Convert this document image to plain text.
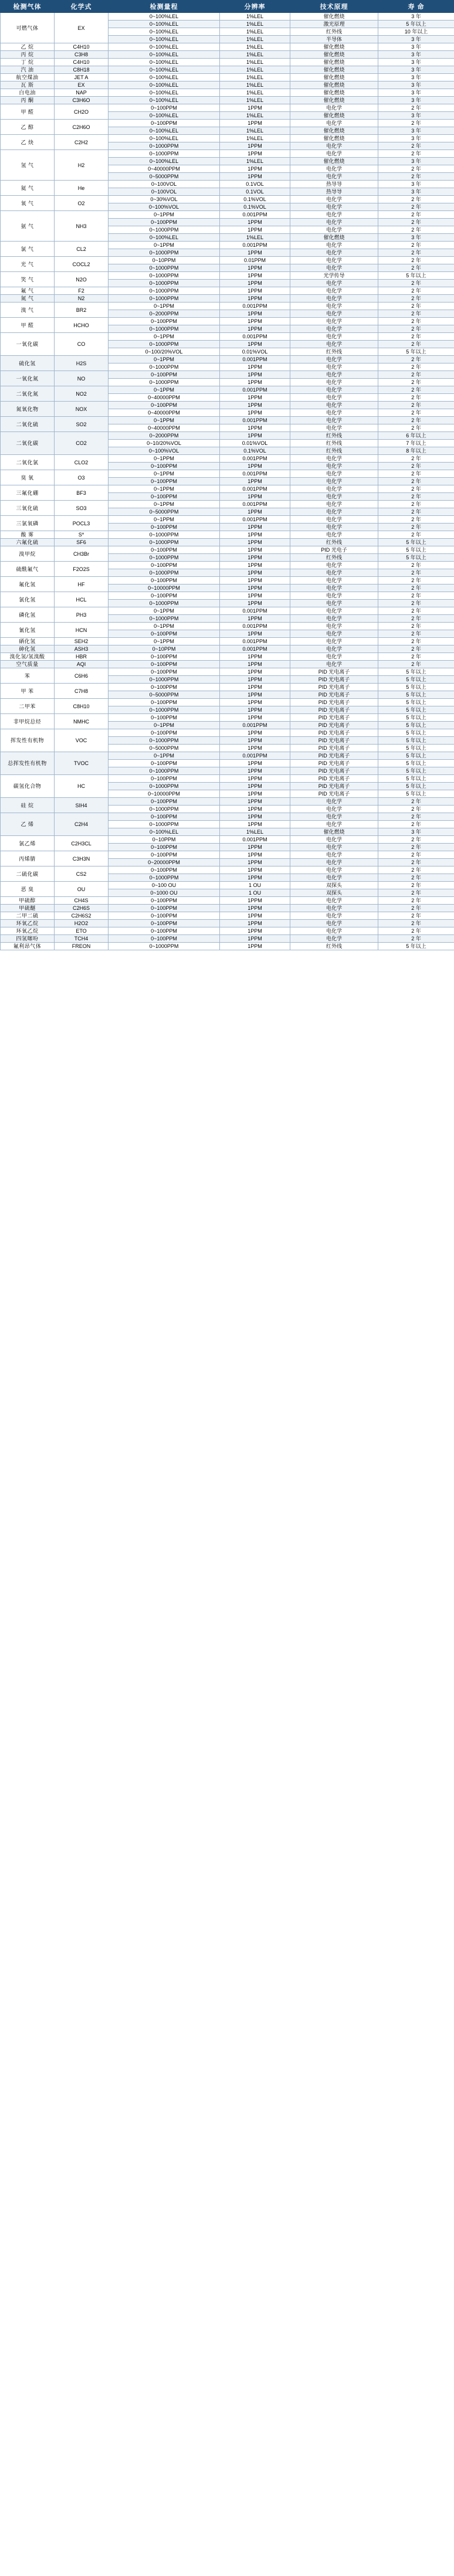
检测气体	化学式	检测量程	分辨率	技术原理	寿 命
可燃气体	EX	0~100%LEL	1%LEL	催化燃烧	3 年
		0~100%LEL	1%LEL	激光原理	5 年以上
		0~100%LEL	1%LEL	红外线	10 年以上
		0~100%LEL	1%LEL	半导体	3 年
乙 烷	C4H10	0~100%LEL	1%LEL	催化燃烧	3 年
丙 烷	C3H8	0~100%LEL	1%LEL	催化燃烧	3 年
丁 烷	C4H10	0~100%LEL	1%LEL	催化燃烧	3 年
汽 油	C8H18	0~100%LEL	1%LEL	催化燃烧	3 年
航空煤油	JET A	0~100%LEL	1%LEL	催化燃烧	3 年
瓦 斯	EX	0~100%LEL	1%LEL	催化燃烧	3 年
白电油	NAP	0~100%LEL	1%LEL	催化燃烧	3 年
丙 酮	C3H6O	0~100%LEL	1%LEL	催化燃烧	3 年
甲 醛	CH2O	0~100PPM	1PPM	电化学	2 年
		0~100%LEL	1%LEL	催化燃烧	3 年
乙 醇	C2H6O	0~100PPM	1PPM	电化学	2 年
		0~100%LEL	1%LEL	催化燃烧	3 年
乙 炔	C2H2	0~100%LEL	1%LEL	催化燃烧	3 年
		0~1000PPM	1PPM	电化学	2 年
氢 气	H2	0~1000PPM	1PPM	电化学	2 年
		0~100%LEL	1%LEL	催化燃烧	3 年
		0~40000PPM	1PPM	电化学	2 年
		0~5000PPM	1PPM	电化学	2 年
氦 气	He	0~100VOL	0.1VOL	热导导	3 年
		0~100VOL	0.1VOL	热导导	3 年
氧 气	O2	0~30%VOL	0.1%VOL	电化学	2 年
		0~100%VOL	0.1%VOL	电化学	2 年
氨 气	NH3	0~1PPM	0.001PPM	电化学	2 年
		0~100PPM	1PPM	电化学	2 年
		0~1000PPM	1PPM	电化学	2 年
		0~100%LEL	1%LEL	催化燃烧	3 年
氯 气	CL2	0~1PPM	0.001PPM	电化学	2 年
		0~1000PPM	1PPM	电化学	2 年
光 气	COCL2	0~10PPM	0.01PPM	电化学	2 年
		0~1000PPM	1PPM	电化学	2 年
笑 气	N2O	0~1000PPM	1PPM	光学传导	5 年以上
		0~1000PPM	1PPM	电化学	2 年
氟 气	F2	0~1000PPM	1PPM	电化学	2 年
氮 气	N2	0~1000PPM	1PPM	电化学	2 年
溴 气	BR2	0~1PPM	0.001PPM	电化学	2 年
		0~2000PPM	1PPM	电化学	2 年
甲 醛	HCHO	0~100PPM	1PPM	电化学	2 年
		0~1000PPM	1PPM	电化学	2 年
一氧化碳	CO	0~1PPM	0.001PPM	电化学	2 年
		0~1000PPM	1PPM	电化学	2 年
		0~100/20%VOL	0.01%VOL	红外线	5 年以上
硫化氢	H2S	0~1PPM	0.001PPM	电化学	2 年
		0~1000PPM	1PPM	电化学	2 年
一氧化氮	NO	0~100PPM	1PPM	电化学	2 年
		0~1000PPM	1PPM	电化学	2 年
二氧化氮	NO2	0~1PPM	0.001PPM	电化学	2 年
		0~40000PPM	1PPM	电化学	2 年
氮氧化物	NOX	0~100PPM	1PPM	电化学	2 年
		0~40000PPM	1PPM	电化学	2 年
二氧化硫	SO2	0~1PPM	0.001PPM	电化学	2 年
		0~40000PPM	1PPM	电化学	2 年
二氧化碳	CO2	0~2000PPM	1PPM	红外线	6 年以上
		0~10/20%VOL	0.01%VOL	红外线	7 年以上
		0~100%VOL	0.1%VOL	红外线	8 年以上
二氧化氯	CLO2	0~1PPM	0.001PPM	电化学	2 年
		0~100PPM	1PPM	电化学	2 年
臭 氧	O3	0~1PPM	0.001PPM	电化学	2 年
		0~100PPM	1PPM	电化学	2 年
三氟化硼	BF3	0~1PPM	0.001PPM	电化学	2 年
		0~100PPM	1PPM	电化学	2 年
三氧化硫	SO3	0~1PPM	0.001PPM	电化学	2 年
		0~5000PPM	1PPM	电化学	2 年
三氯氧磷	POCL3	0~1PPM	0.001PPM	电化学	2 年
		0~100PPM	1PPM	电化学	2 年
酸 雾	S*	0~1000PPM	1PPM	电化学	2 年
六氟化硫	SF6	0~1000PPM	1PPM	红外线	5 年以上
溴甲烷	CH3Br	0~100PPM	1PPM	PID 光电子	5 年以上
		0~1000PPM	1PPM	红外线	5 年以上
硫酰氟气	F2O2S	0~100PPM	1PPM	电化学	2 年
		0~1000PPM	1PPM	电化学	2 年
氟化氢	HF	0~100PPM	1PPM	电化学	2 年
		0~10000PPM	1PPM	电化学	2 年
氯化氢	HCL	0~100PPM	1PPM	电化学	2 年
		0~1000PPM	1PPM	电化学	2 年
磷化氢	PH3	0~1PPM	0.001PPM	电化学	2 年
		0~1000PPM	1PPM	电化学	2 年
氰化氢	HCN	0~1PPM	0.001PPM	电化学	2 年
		0~100PPM	1PPM	电化学	2 年
硒化氢	SEH2	0~1PPM	0.001PPM	电化学	2 年
砷化氢	ASH3	0~10PPM	0.001PPM	电化学	2 年
溴化氢/氢溴酸	HBR	0~100PPM	1PPM	电化学	2 年
空气质量	AQI	0~100PPM	1PPM	电化学	2 年
苯	C6H6	0~100PPM	1PPM	PID 光电离子	5 年以上
		0~1000PPM	1PPM	PID 光电离子	5 年以上
甲 苯	C7H8	0~100PPM	1PPM	PID 光电离子	5 年以上
		0~5000PPM	1PPM	PID 光电离子	5 年以上
二甲苯	C8H10	0~100PPM	1PPM	PID 光电离子	5 年以上
		0~1000PPM	1PPM	PID 光电离子	5 年以上
非甲烷总烃	NMHC	0~100PPM	1PPM	PID 光电离子	5 年以上
		0~1PPM	0.001PPM	PID 光电离子	5 年以上
挥发性有机物	VOC	0~100PPM	1PPM	PID 光电离子	5 年以上
		0~1000PPM	1PPM	PID 光电离子	5 年以上
		0~5000PPM	1PPM	PID 光电离子	5 年以上
总挥发性有机物	TVOC	0~1PPM	0.001PPM	PID 光电离子	5 年以上
		0~100PPM	1PPM	PID 光电离子	5 年以上
		0~1000PPM	1PPM	PID 光电离子	5 年以上
碳氢化合物	HC	0~100PPM	1PPM	PID 光电离子	5 年以上
		0~1000PPM	1PPM	PID 光电离子	5 年以上
		0~10000PPM	1PPM	PID 光电离子	5 年以上
硅 烷	SIH4	0~100PPM	1PPM	电化学	2 年
		0~1000PPM	1PPM	电化学	2 年
乙 烯	C2H4	0~100PPM	1PPM	电化学	2 年
		0~1000PPM	1PPM	电化学	2 年
		0~100%LEL	1%LEL	催化燃烧	3 年
氯乙烯	C2H3CL	0~10PPM	0.001PPM	电化学	2 年
		0~100PPM	1PPM	电化学	2 年
丙烯腈	C3H3N	0~100PPM	1PPM	电化学	2 年
		0~20000PPM	1PPM	电化学	2 年
二硫化碳	CS2	0~100PPM	1PPM	电化学	2 年
		0~1000PPM	1PPM	电化学	2 年
恶 臭	OU	0~100 OU	1 OU	双探头	2 年
		0~1000 OU	1 OU	双探头	2 年
甲硫醇	CH4S	0~100PPM	1PPM	电化学	2 年
甲硫醚	C2H6S	0~100PPM	1PPM	电化学	2 年
二甲二硫	C2H6S2	0~100PPM	1PPM	电化学	2 年
环氧乙烷	H2O2	0~100PPM	1PPM	电化学	2 年
环氧乙烷	ETO	0~100PPM	1PPM	电化学	2 年
四氢噻吩	TCH4	0~100PPM	1PPM	电化学	2 年
氟利昂气体	FREON	0~1000PPM	1PPM	红外线	5 年以上
